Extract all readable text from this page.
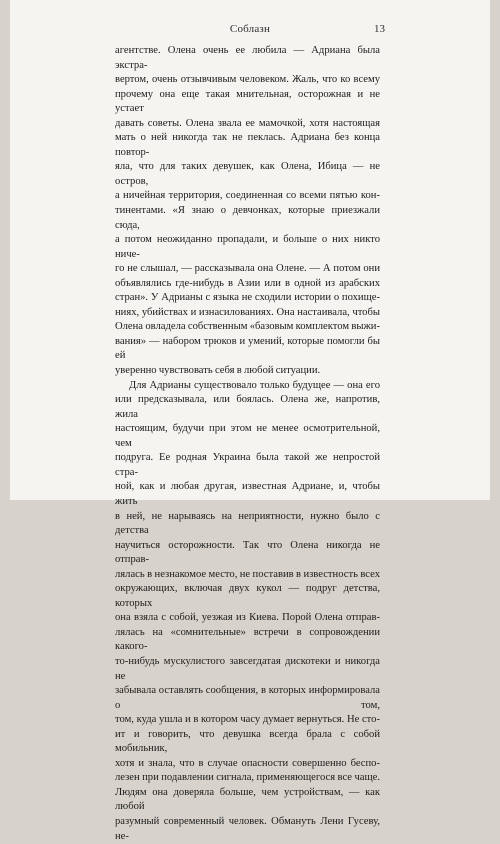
Соблазн	13

агентстве. Олена очень ее любила — Адриана была экстра-

вертом, очень отзывчивым человеком. Жаль, что ко всему

прочему она еще такая мнительная, осторожная и не устает

давать советы. Олена звала ее мамочкой, хотя настоящая

мать о ней никогда так не пеклась. Адриана без конца повтор-

яла, что для таких девушек, как Олена, Ибица — не остров,

а ничейная территория, соединенная со всеми пятью кон-

тинентами. «Я знаю о девчонках, которые приезжали сюда,

а потом неожиданно пропадали, и больше о них никто ниче-

го не слышал, — рассказывала она Олене. — А потом они

объявлялись где-нибудь в Азии или в одной из арабских

стран». У Адрианы с языка не сходили истории о похище-

ниях, убийствах и изнасилованиях. Она настаивала, чтобы

Олена овладела собственным «базовым комплектом выжи-

вания» — набором трюков и умений, которые помогли бы ей

уверенно чувствовать себя в любой ситуации.

Для Адрианы существовало только будущее — она его

или предсказывала, или боялась. Олена же, напротив, жила

настоящим, будучи при этом не менее осмотрительной, чем

подруга. Ее родная Украина была такой же непростой стра-

ной, как и любая другая, известная Адриане, и, чтобы жить

в ней, не нарываясь на неприятности, нужно было с детства

научиться осторожности. Так что Олена никогда не отправ-

лялась в незнакомое место, не поставив в известность всех

окружающих, включая двух кукол — подруг детства, которых

она взяла с собой, уезжая из Киева. Порой Олена отправ-

лялась на «сомнительные» встречи в сопровождении какого-

то-нибудь мускулистого завсегдатая дискотеки и никогда не

забывала оставлять сообщения, в которых информировала о том,

том, куда ушла и в котором часу думает вернуться. Не сто-

ит и говорить, что девушка всегда брала с собой мобильник,

хотя и знала, что в случае опасности совершенно беспо-

лезен при подавлении сигнала, применяющегося все чаще.

Людям она доверяла больше, чем устройствам, — как любой

разумный современный человек. Обмануть Лени Гусеву, не-
